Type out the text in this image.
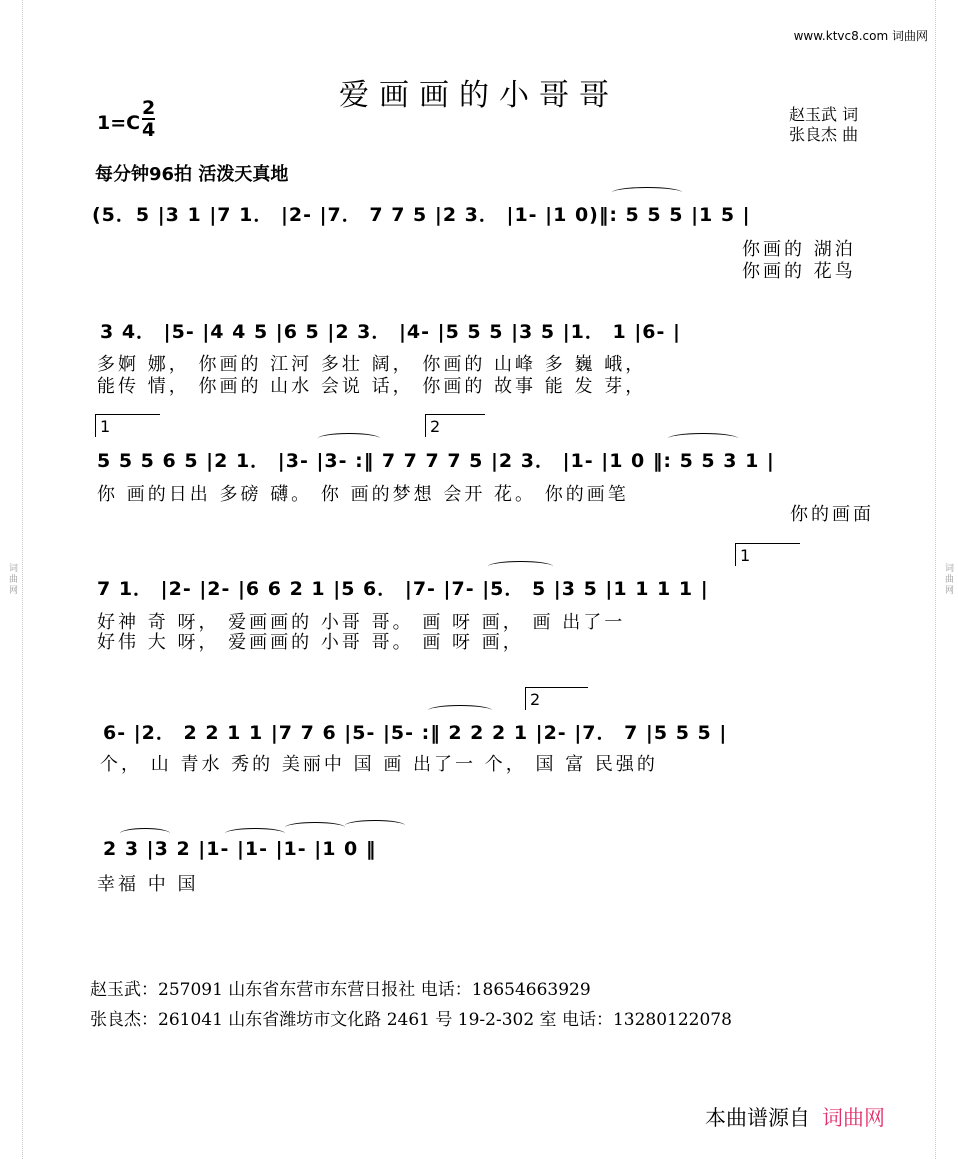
词曲网	词曲网
www.ktvc8.com 词曲网
爱画画的小哥哥
$1=C \frac{2}{4}$	赵玉武 词
张良杰 曲
每分钟96拍 活泼天真地
(5．5 |3 1 |7 1． |2- |7． 7 7 5 |2 3． |1- |1 0)‖: 5 5 5 |1 5 |
你画的 湖泊
你画的 花鸟
3 4． |5- |4 4 5 |6 5 |2 3． |4- |5 5 5 |3 5 |1． 1 |6- |
多婀 娜， 你画的 江河 多壮 阔， 你画的 山峰 多 巍 峨，
能传 情， 你画的 山水 会说 话， 你画的 故事 能 发 芽，
1	2
5 5 5 6 5 |2 1． |3- |3- :‖ 7 7 7 7 5 |2 3． |1- |1 0 ‖: 5 5 3 1 |
你 画的日出 多磅 礴。 你 画的梦想 会开 花。 你的画笔
你的画面
1
7 1． |2- |2- |6 6 2 1 |5 6． |7- |7- |5． 5 |3 5 |1 1 1 1 |
好神 奇 呀， 爱画画的 小哥 哥。 画 呀 画， 画 出了一
好伟 大 呀， 爱画画的 小哥 哥。 画 呀 画，
2
6- |2． 2 2 1 1 |7 7 6 |5- |5- :‖ 2 2 2 1 |2- |7． 7 |5 5 5 |
个， 山 青水 秀的 美丽中 国 画 出了一 个， 国 富 民强的
2 3 |3 2 |1- |1- |1- |1 0 ‖
幸福 中 国
赵玉武：257091 山东省东营市东营日报社 电话：18654663929
张良杰：261041 山东省潍坊市文化路 2461 号 19-2-302 室 电话：13280122078
本曲谱源自 词曲网
